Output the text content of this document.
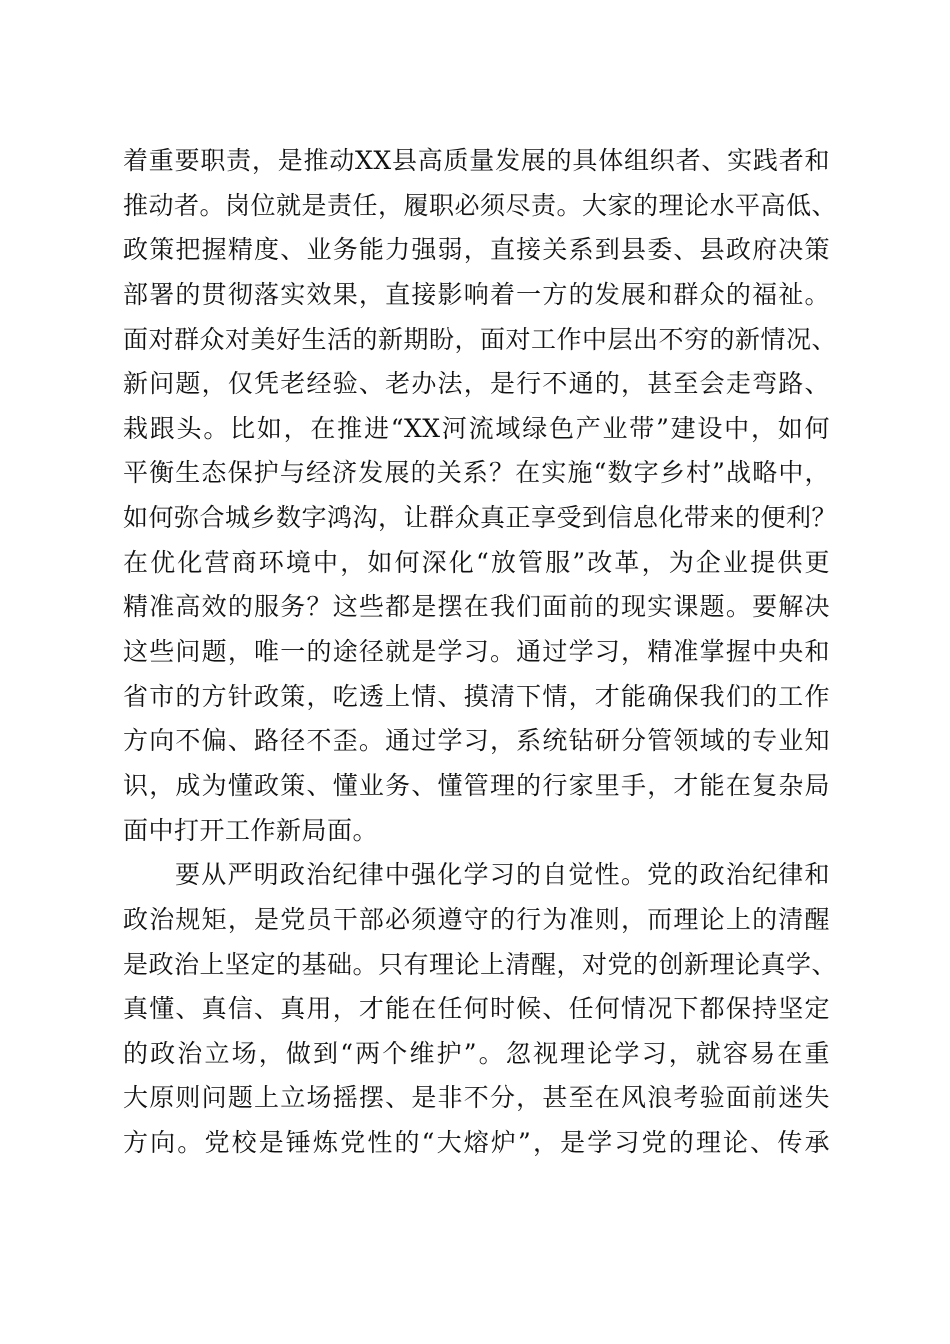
着重要职责，是推动XX县高质量发展的具体组织者、实践者和
推动者。岗位就是责任，履职必须尽责。大家的理论水平高低、
政策把握精度、业务能力强弱，直接关系到县委、县政府决策
部署的贯彻落实效果，直接影响着一方的发展和群众的福祉。
面对群众对美好生活的新期盼，面对工作中层出不穷的新情况、
新问题，仅凭老经验、老办法，是行不通的，甚至会走弯路、
栽跟头。比如，在推进“XX河流域绿色产业带”建设中，如何
平衡生态保护与经济发展的关系？在实施“数字乡村”战略中，
如何弥合城乡数字鸿沟，让群众真正享受到信息化带来的便利？
在优化营商环境中，如何深化“放管服”改革，为企业提供更
精准高效的服务？这些都是摆在我们面前的现实课题。要解决
这些问题，唯一的途径就是学习。通过学习，精准掌握中央和
省市的方针政策，吃透上情、摸清下情，才能确保我们的工作
方向不偏、路径不歪。通过学习，系统钻研分管领域的专业知
识，成为懂政策、懂业务、懂管理的行家里手，才能在复杂局
面中打开工作新局面。
要从严明政治纪律中强化学习的自觉性。党的政治纪律和
政治规矩，是党员干部必须遵守的行为准则，而理论上的清醒
是政治上坚定的基础。只有理论上清醒，对党的创新理论真学、
真懂、真信、真用，才能在任何时候、任何情况下都保持坚定
的政治立场，做到“两个维护”。忽视理论学习，就容易在重
大原则问题上立场摇摆、是非不分，甚至在风浪考验面前迷失
方向。党校是锤炼党性的“大熔炉”，是学习党的理论、传承
